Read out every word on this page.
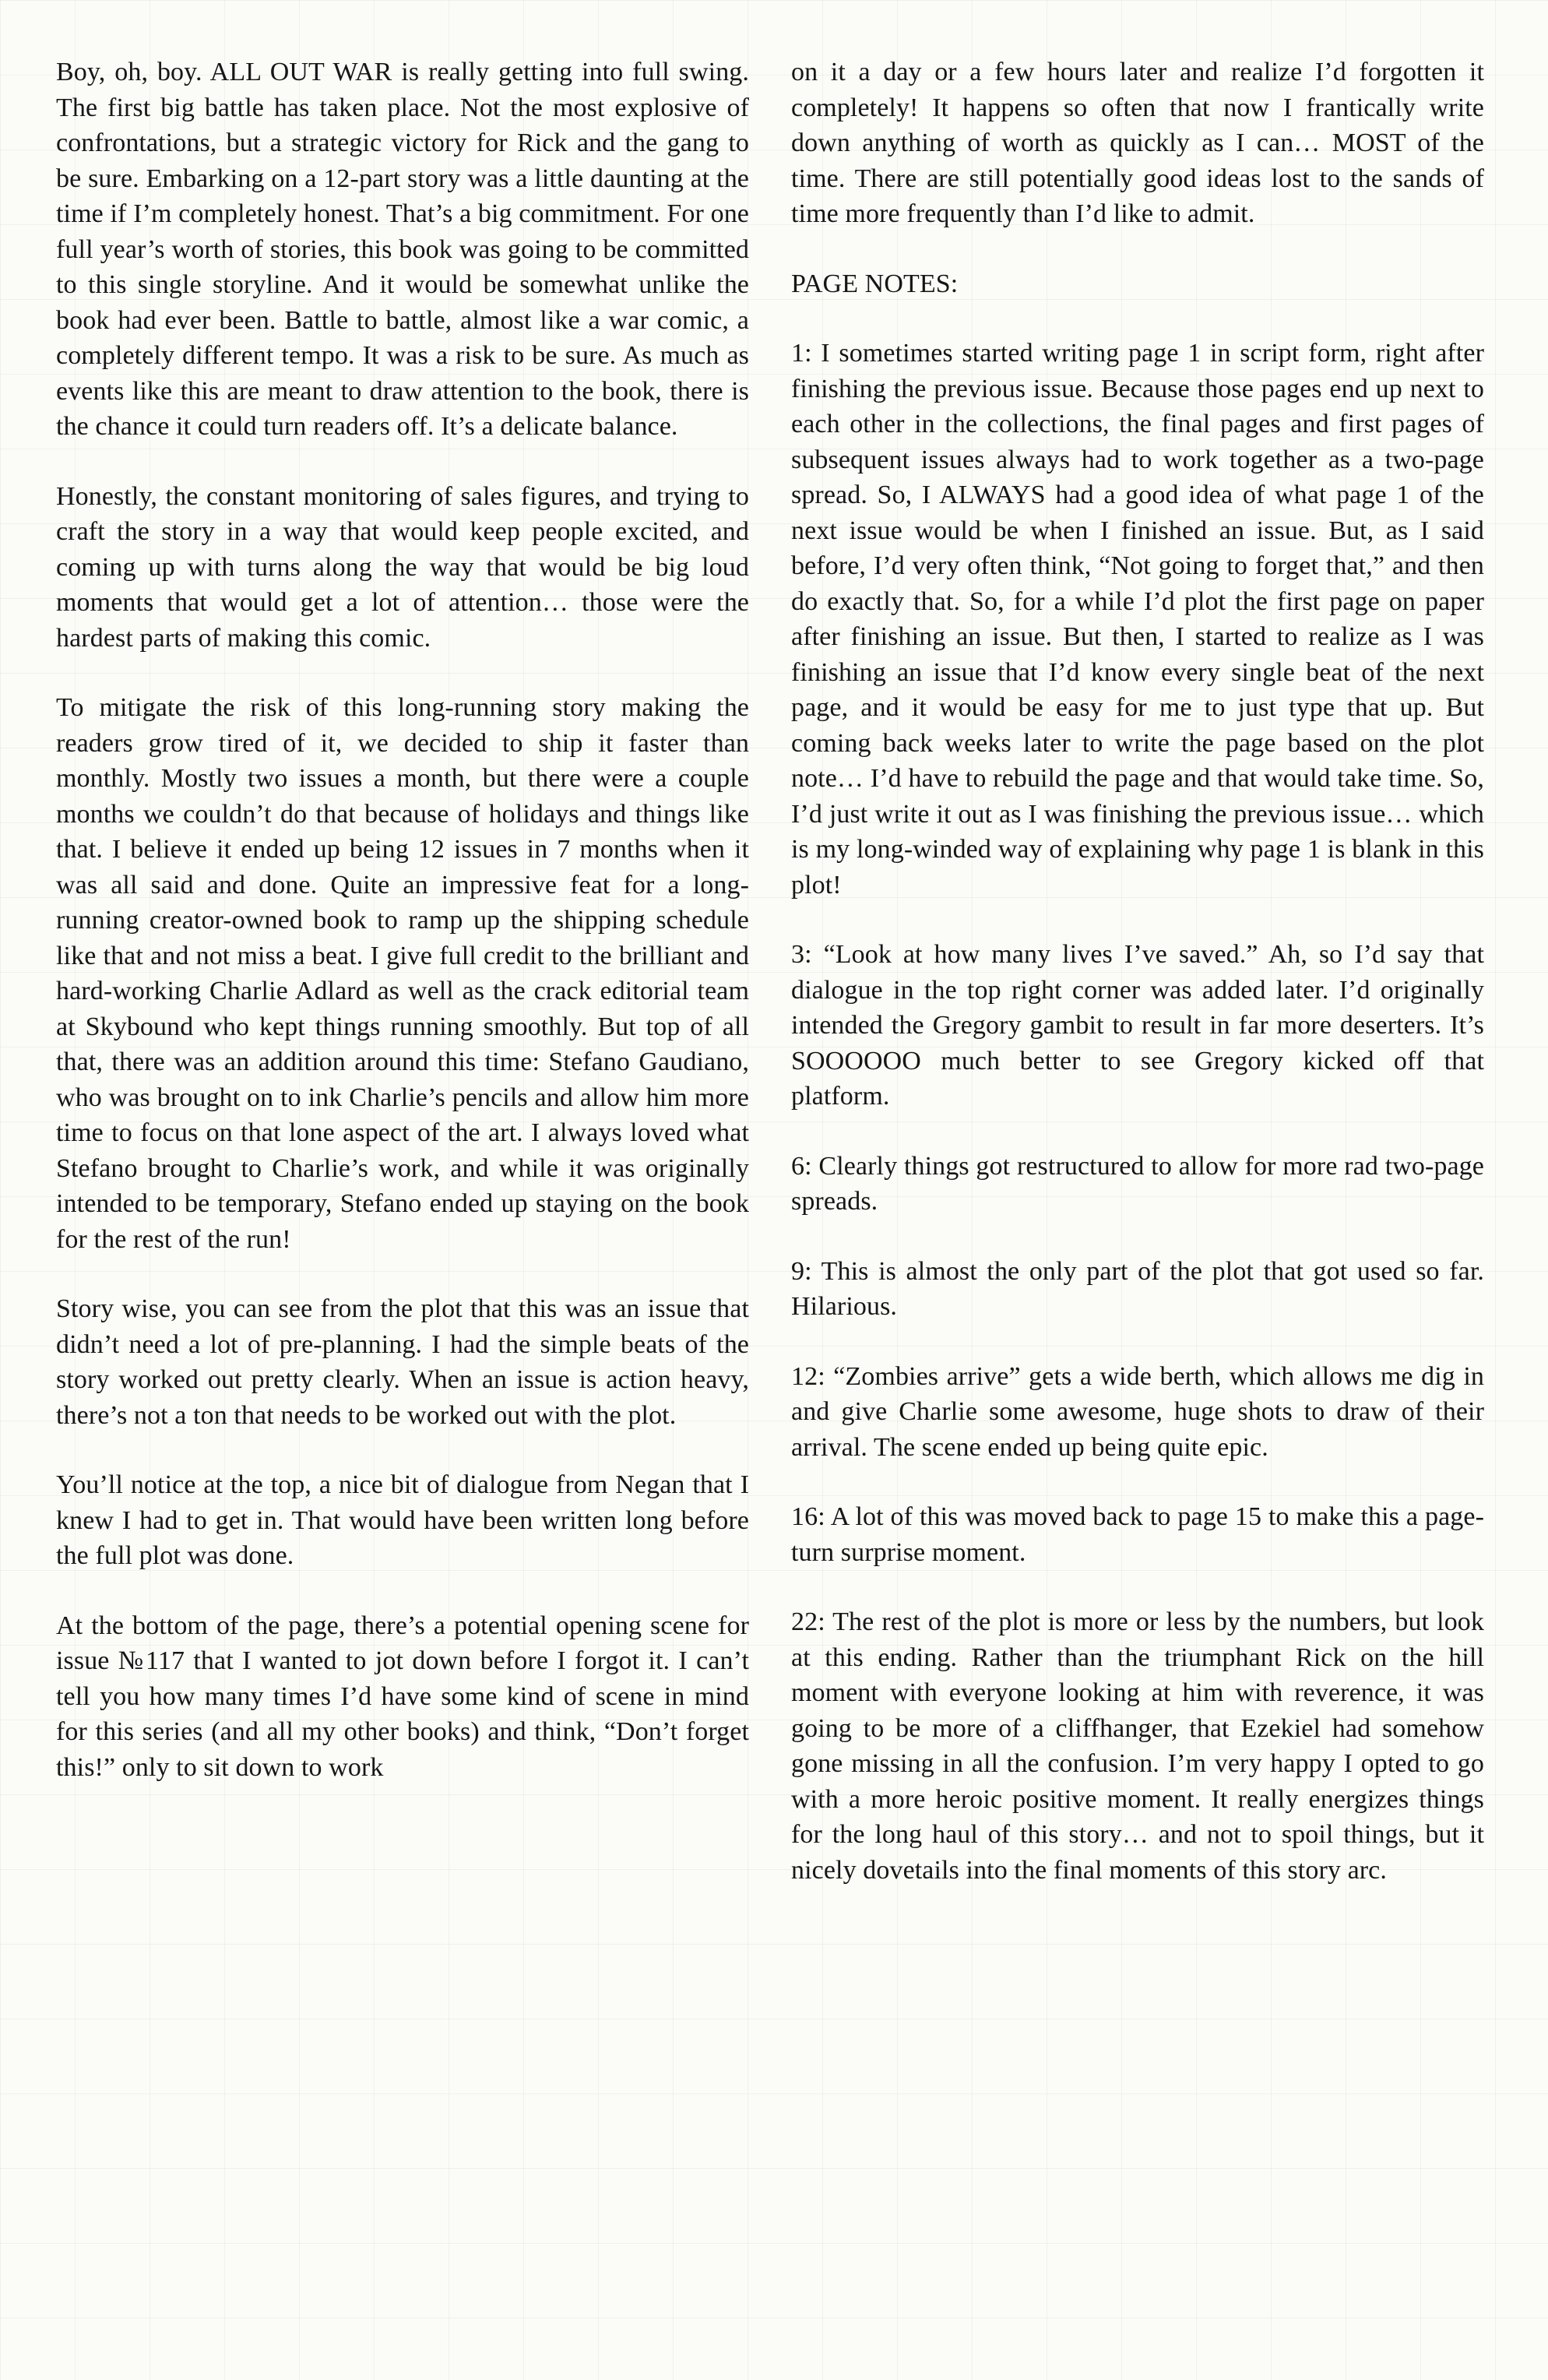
Boy, oh, boy. ALL OUT WAR is really getting into full swing. The first big battle has taken place. Not the most explosive of confrontations, but a strategic victory for Rick and the gang to be sure. Embarking on a 12-part story was a little daunting at the time if I’m completely honest. That’s a big commitment. For one full year’s worth of stories, this book was going to be committed to this single storyline. And it would be somewhat unlike the book had ever been. Battle to battle, almost like a war comic, a completely different tempo. It was a risk to be sure. As much as events like this are meant to draw attention to the book, there is the chance it could turn readers off. It’s a delicate balance.

Honestly, the constant monitoring of sales figures, and trying to craft the story in a way that would keep people excited, and coming up with turns along the way that would be big loud moments that would get a lot of attention… those were the hardest parts of making this comic.

To mitigate the risk of this long-running story making the readers grow tired of it, we decided to ship it faster than monthly. Mostly two issues a month, but there were a couple months we couldn’t do that because of holidays and things like that. I believe it ended up being 12 issues in 7 months when it was all said and done. Quite an impressive feat for a long-running creator-owned book to ramp up the shipping schedule like that and not miss a beat. I give full credit to the brilliant and hard-working Charlie Adlard as well as the crack editorial team at Skybound who kept things running smoothly. But top of all that, there was an addition around this time: Stefano Gaudiano, who was brought on to ink Charlie’s pencils and allow him more time to focus on that lone aspect of the art. I always loved what Stefano brought to Charlie’s work, and while it was originally intended to be temporary, Stefano ended up staying on the book for the rest of the run!

Story wise, you can see from the plot that this was an issue that didn’t need a lot of pre-planning. I had the simple beats of the story worked out pretty clearly. When an issue is action heavy, there’s not a ton that needs to be worked out with the plot.

You’ll notice at the top, a nice bit of dialogue from Negan that I knew I had to get in. That would have been written long before the full plot was done.

At the bottom of the page, there’s a potential opening scene for issue №117 that I wanted to jot down before I forgot it. I can’t tell you how many times I’d have some kind of scene in mind for this series (and all my other books) and think, “Don’t forget this!” only to sit down to work

on it a day or a few hours later and realize I’d forgotten it completely! It happens so often that now I frantically write down anything of worth as quickly as I can… MOST of the time. There are still potentially good ideas lost to the sands of time more frequently than I’d like to admit.

PAGE NOTES:

1: I sometimes started writing page 1 in script form, right after finishing the previous issue. Because those pages end up next to each other in the collections, the final pages and first pages of subsequent issues always had to work together as a two-page spread. So, I ALWAYS had a good idea of what page 1 of the next issue would be when I finished an issue. But, as I said before, I’d very often think, “Not going to forget that,” and then do exactly that. So, for a while I’d plot the first page on paper after finishing an issue. But then, I started to realize as I was finishing an issue that I’d know every single beat of the next page, and it would be easy for me to just type that up. But coming back weeks later to write the page based on the plot note… I’d have to rebuild the page and that would take time. So, I’d just write it out as I was finishing the previous issue… which is my long-winded way of explaining why page 1 is blank in this plot!

3: “Look at how many lives I’ve saved.” Ah, so I’d say that dialogue in the top right corner was added later. I’d originally intended the Gregory gambit to result in far more deserters. It’s SOOOOOO much better to see Gregory kicked off that platform.

6: Clearly things got restructured to allow for more rad two-page spreads.

9: This is almost the only part of the plot that got used so far. Hilarious.

12: “Zombies arrive” gets a wide berth, which allows me dig in and give Charlie some awesome, huge shots to draw of their arrival. The scene ended up being quite epic.

16: A lot of this was moved back to page 15 to make this a page-turn surprise moment.

22: The rest of the plot is more or less by the numbers, but look at this ending. Rather than the triumphant Rick on the hill moment with everyone looking at him with reverence, it was going to be more of a cliffhanger, that Ezekiel had somehow gone missing in all the confusion. I’m very happy I opted to go with a more heroic positive moment. It really energizes things for the long haul of this story… and not to spoil things, but it nicely dovetails into the final moments of this story arc.
